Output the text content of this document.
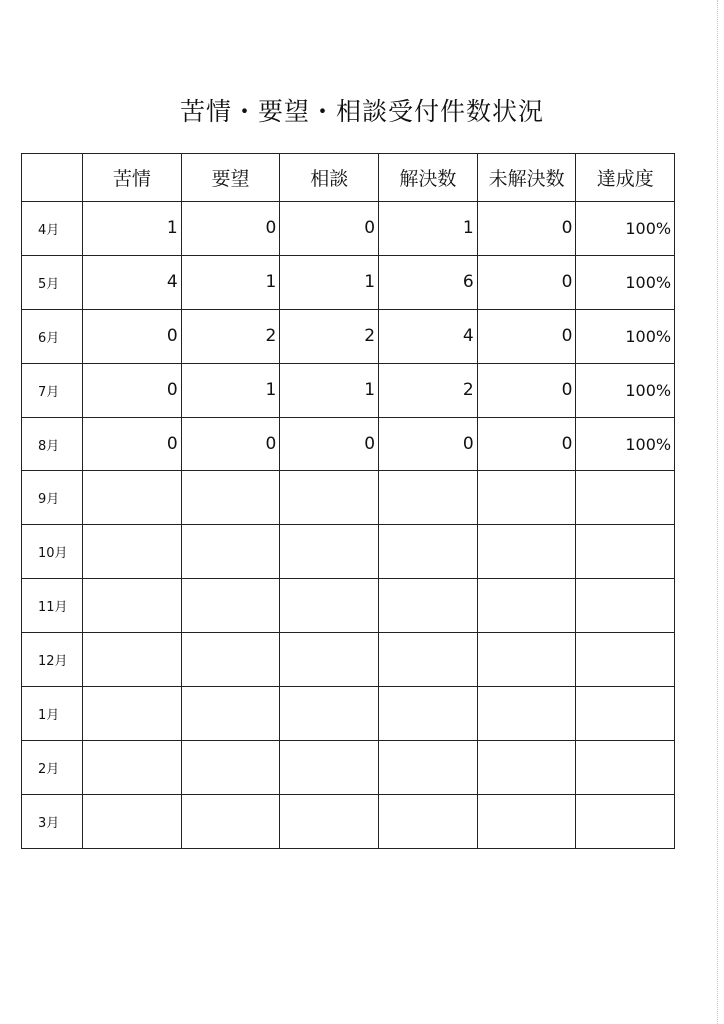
苦情・要望・相談受付件数状況
	苦情	要望	相談	解決数	未解決数	達成度
4月	1	0	0	1	0	100%
5月	4	1	1	6	0	100%
6月	0	2	2	4	0	100%
7月	0	1	1	2	0	100%
8月	0	0	0	0	0	100%
9月						
10月						
11月						
12月						
1月						
2月						
3月						
